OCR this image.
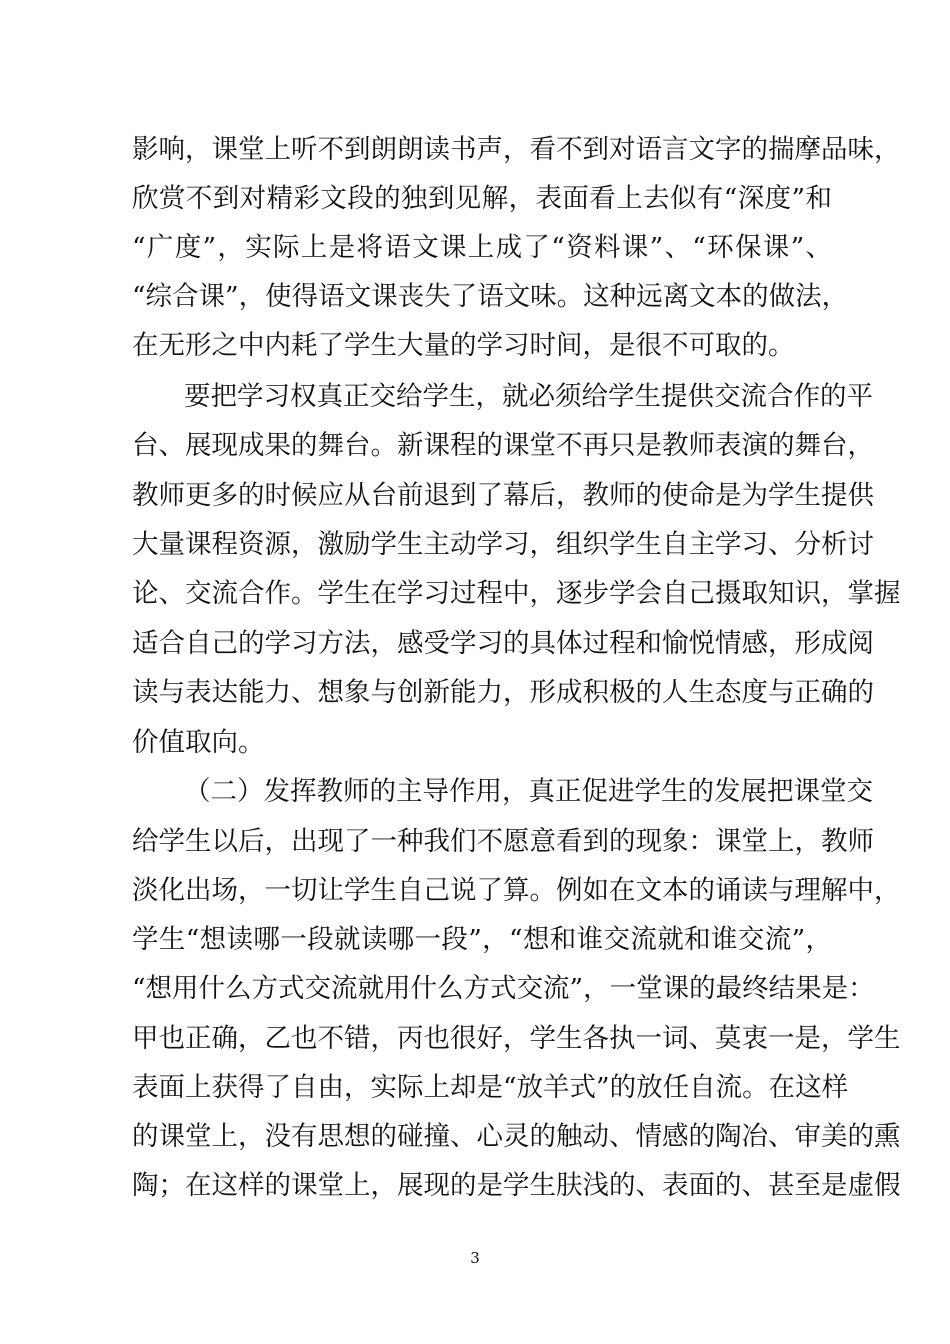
影响，课堂上听不到朗朗读书声，看不到对语言文字的揣摩品味，
欣赏不到对精彩文段的独到见解，表面看上去似有“深度”和
“广度”，实际上是将语文课上成了“资料课”、“环保课”、
“综合课”，使得语文课丧失了语文味。这种远离文本的做法，
在无形之中内耗了学生大量的学习时间，是很不可取的。
要把学习权真正交给学生，就必须给学生提供交流合作的平
台、展现成果的舞台。新课程的课堂不再只是教师表演的舞台，
教师更多的时候应从台前退到了幕后，教师的使命是为学生提供
大量课程资源，激励学生主动学习，组织学生自主学习、分析讨
论、交流合作。学生在学习过程中，逐步学会自己摄取知识，掌握
适合自己的学习方法，感受学习的具体过程和愉悦情感，形成阅
读与表达能力、想象与创新能力，形成积极的人生态度与正确的
价值取向。
（二）发挥教师的主导作用，真正促进学生的发展把课堂交
给学生以后，出现了一种我们不愿意看到的现象：课堂上，教师
淡化出场，一切让学生自己说了算。例如在文本的诵读与理解中，
学生“想读哪一段就读哪一段”，“想和谁交流就和谁交流”，
“想用什么方式交流就用什么方式交流”，一堂课的最终结果是：
甲也正确，乙也不错，丙也很好，学生各执一词、莫衷一是，学生
表面上获得了自由，实际上却是“放羊式”的放任自流。在这样
的课堂上，没有思想的碰撞、心灵的触动、情感的陶冶、审美的熏
陶；在这样的课堂上，展现的是学生肤浅的、表面的、甚至是虚假
3
